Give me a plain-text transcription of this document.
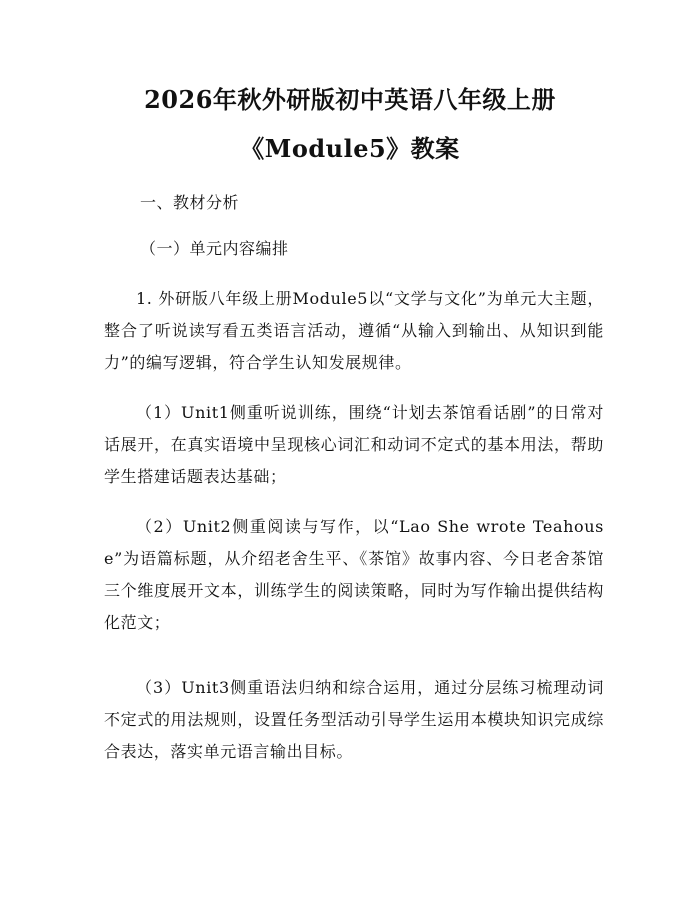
2026年秋外研版初中英语八年级上册
《Module5》教案
一、教材分析
（一）单元内容编排
1. 外研版八年级上册Module5以“文学与文化”为单元大主题，整合了听说读写看五类语言活动，遵循“从输入到输出、从知识到能力”的编写逻辑，符合学生认知发展规律。
（1）Unit1侧重听说训练，围绕“计划去茶馆看话剧”的日常对话展开，在真实语境中呈现核心词汇和动词不定式的基本用法，帮助学生搭建话题表达基础；
（2）Unit2侧重阅读与写作，以“Lao She wrote Teahouse”为语篇标题，从介绍老舍生平、《茶馆》故事内容、今日老舍茶馆三个维度展开文本，训练学生的阅读策略，同时为写作输出提供结构化范文；
（3）Unit3侧重语法归纳和综合运用，通过分层练习梳理动词不定式的用法规则，设置任务型活动引导学生运用本模块知识完成综合表达，落实单元语言输出目标。
